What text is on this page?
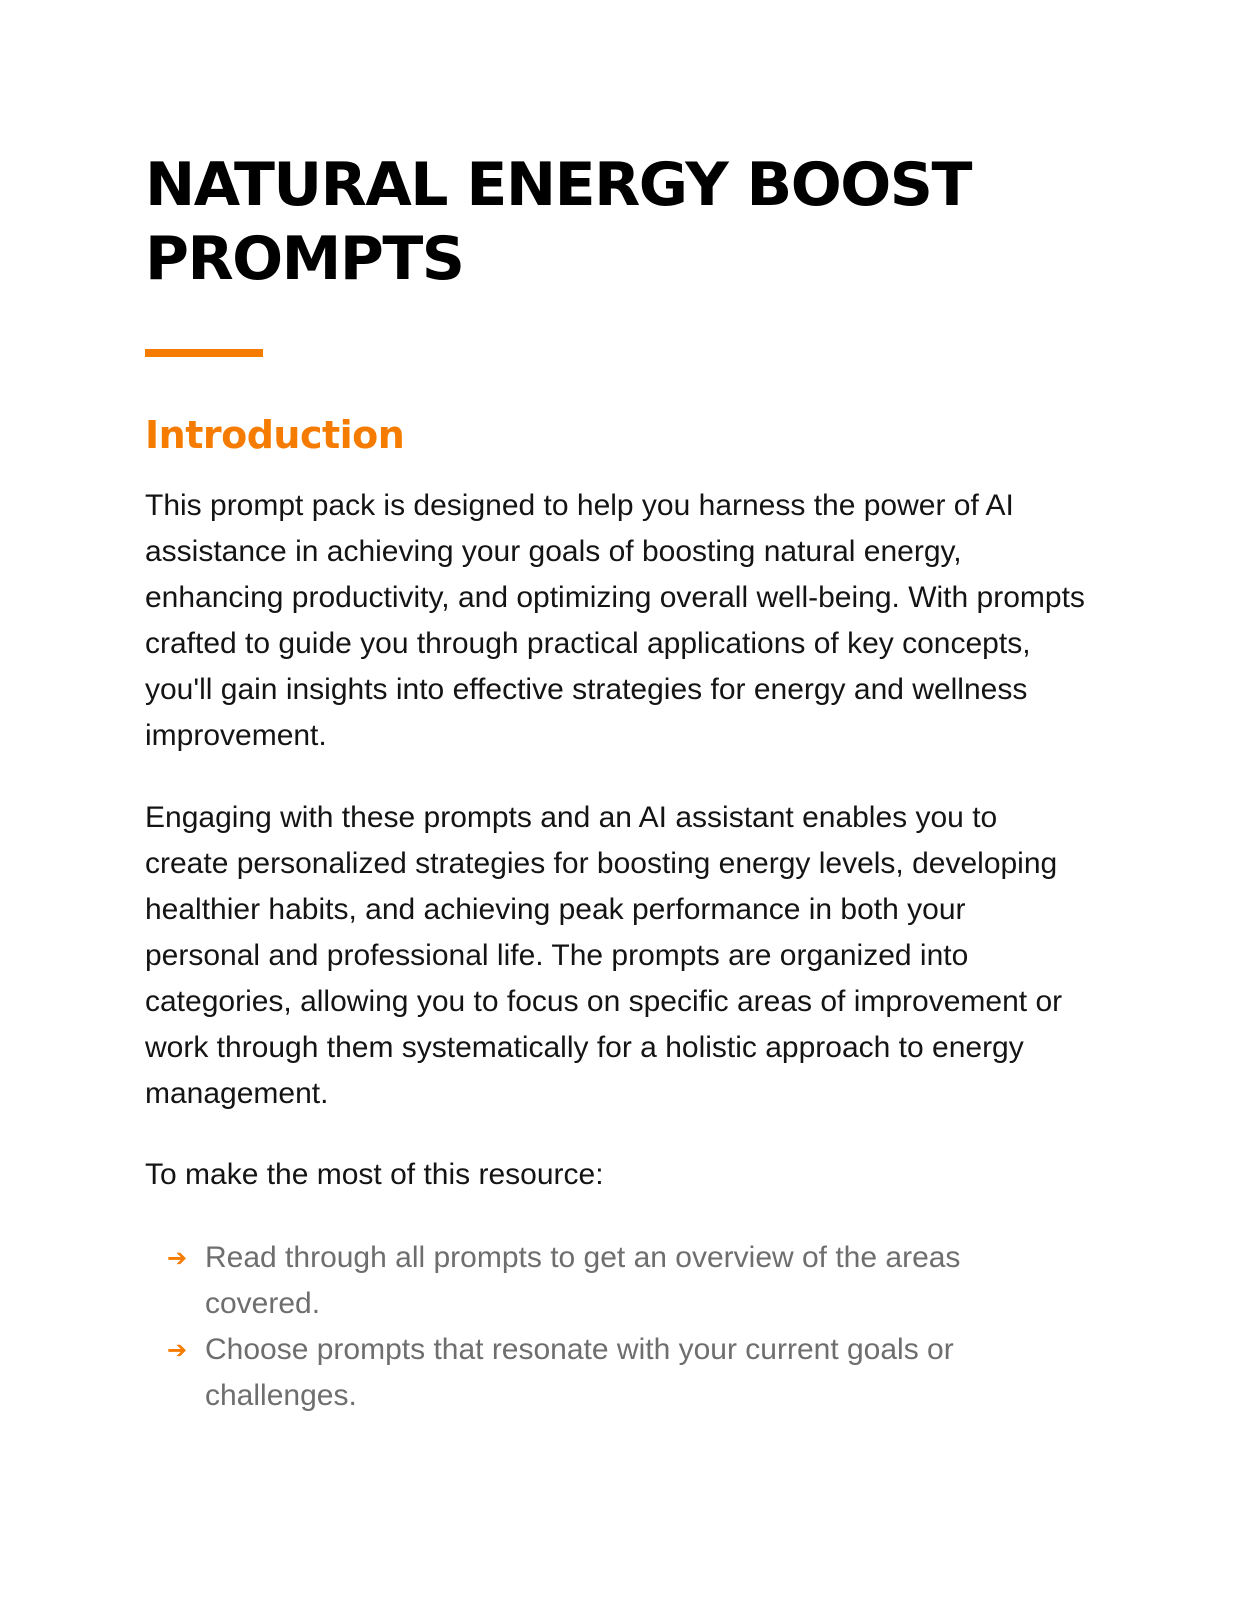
NATURAL ENERGY BOOST PROMPTS
Introduction

This prompt pack is designed to help you harness the power of AI assistance in achieving your goals of boosting natural energy, enhancing productivity, and optimizing overall well-being. With prompts crafted to guide you through practical applications of key concepts, you'll gain insights into effective strategies for energy and wellness improvement.

Engaging with these prompts and an AI assistant enables you to create personalized strategies for boosting energy levels, developing healthier habits, and achieving peak performance in both your personal and professional life. The prompts are organized into categories, allowing you to focus on specific areas of improvement or work through them systematically for a holistic approach to energy management.

To make the most of this resource:

➔ Read through all prompts to get an overview of the areas covered.
➔ Choose prompts that resonate with your current goals or challenges.
